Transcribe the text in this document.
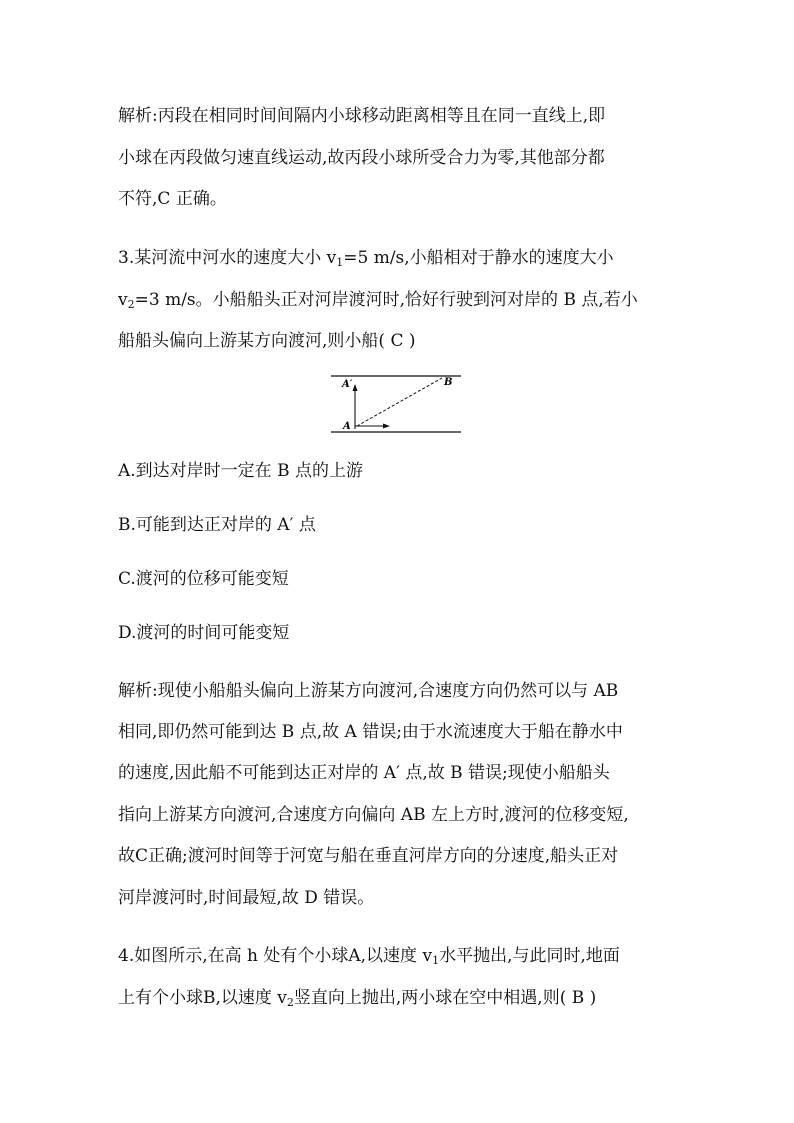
解析:丙段在相同时间间隔内小球移动距离相等且在同一直线上,即
小球在丙段做匀速直线运动,故丙段小球所受合力为零,其他部分都
不符,C 正确。
3.某河流中河水的速度大小 $v_1=5$ m/s,小船相对于静水的速度大小
$v_2=3$ m/s。小船船头正对河岸渡河时,恰好行驶到河对岸的 B 点,若小
船船头偏向上游某方向渡河,则小船( C )
A′	B
A
A.到达对岸时一定在 B 点的上游
B.可能到达正对岸的 A′ 点
C.渡河的位移可能变短
D.渡河的时间可能变短
解析:现使小船船头偏向上游某方向渡河,合速度方向仍然可以与 AB
相同,即仍然可能到达 B 点,故 A 错误;由于水流速度大于船在静水中
的速度,因此船不可能到达正对岸的 A′ 点,故 B 错误;现使小船船头
指向上游某方向渡河,合速度方向偏向 AB 左上方时,渡河的位移变短,
故C正确;渡河时间等于河宽与船在垂直河岸方向的分速度,船头正对
河岸渡河时,时间最短,故 D 错误。
4.如图所示,在高 h 处有个小球A,以速度 $v_1$水平抛出,与此同时,地面
上有个小球B,以速度 $v_2$竖直向上抛出,两小球在空中相遇,则( B )
